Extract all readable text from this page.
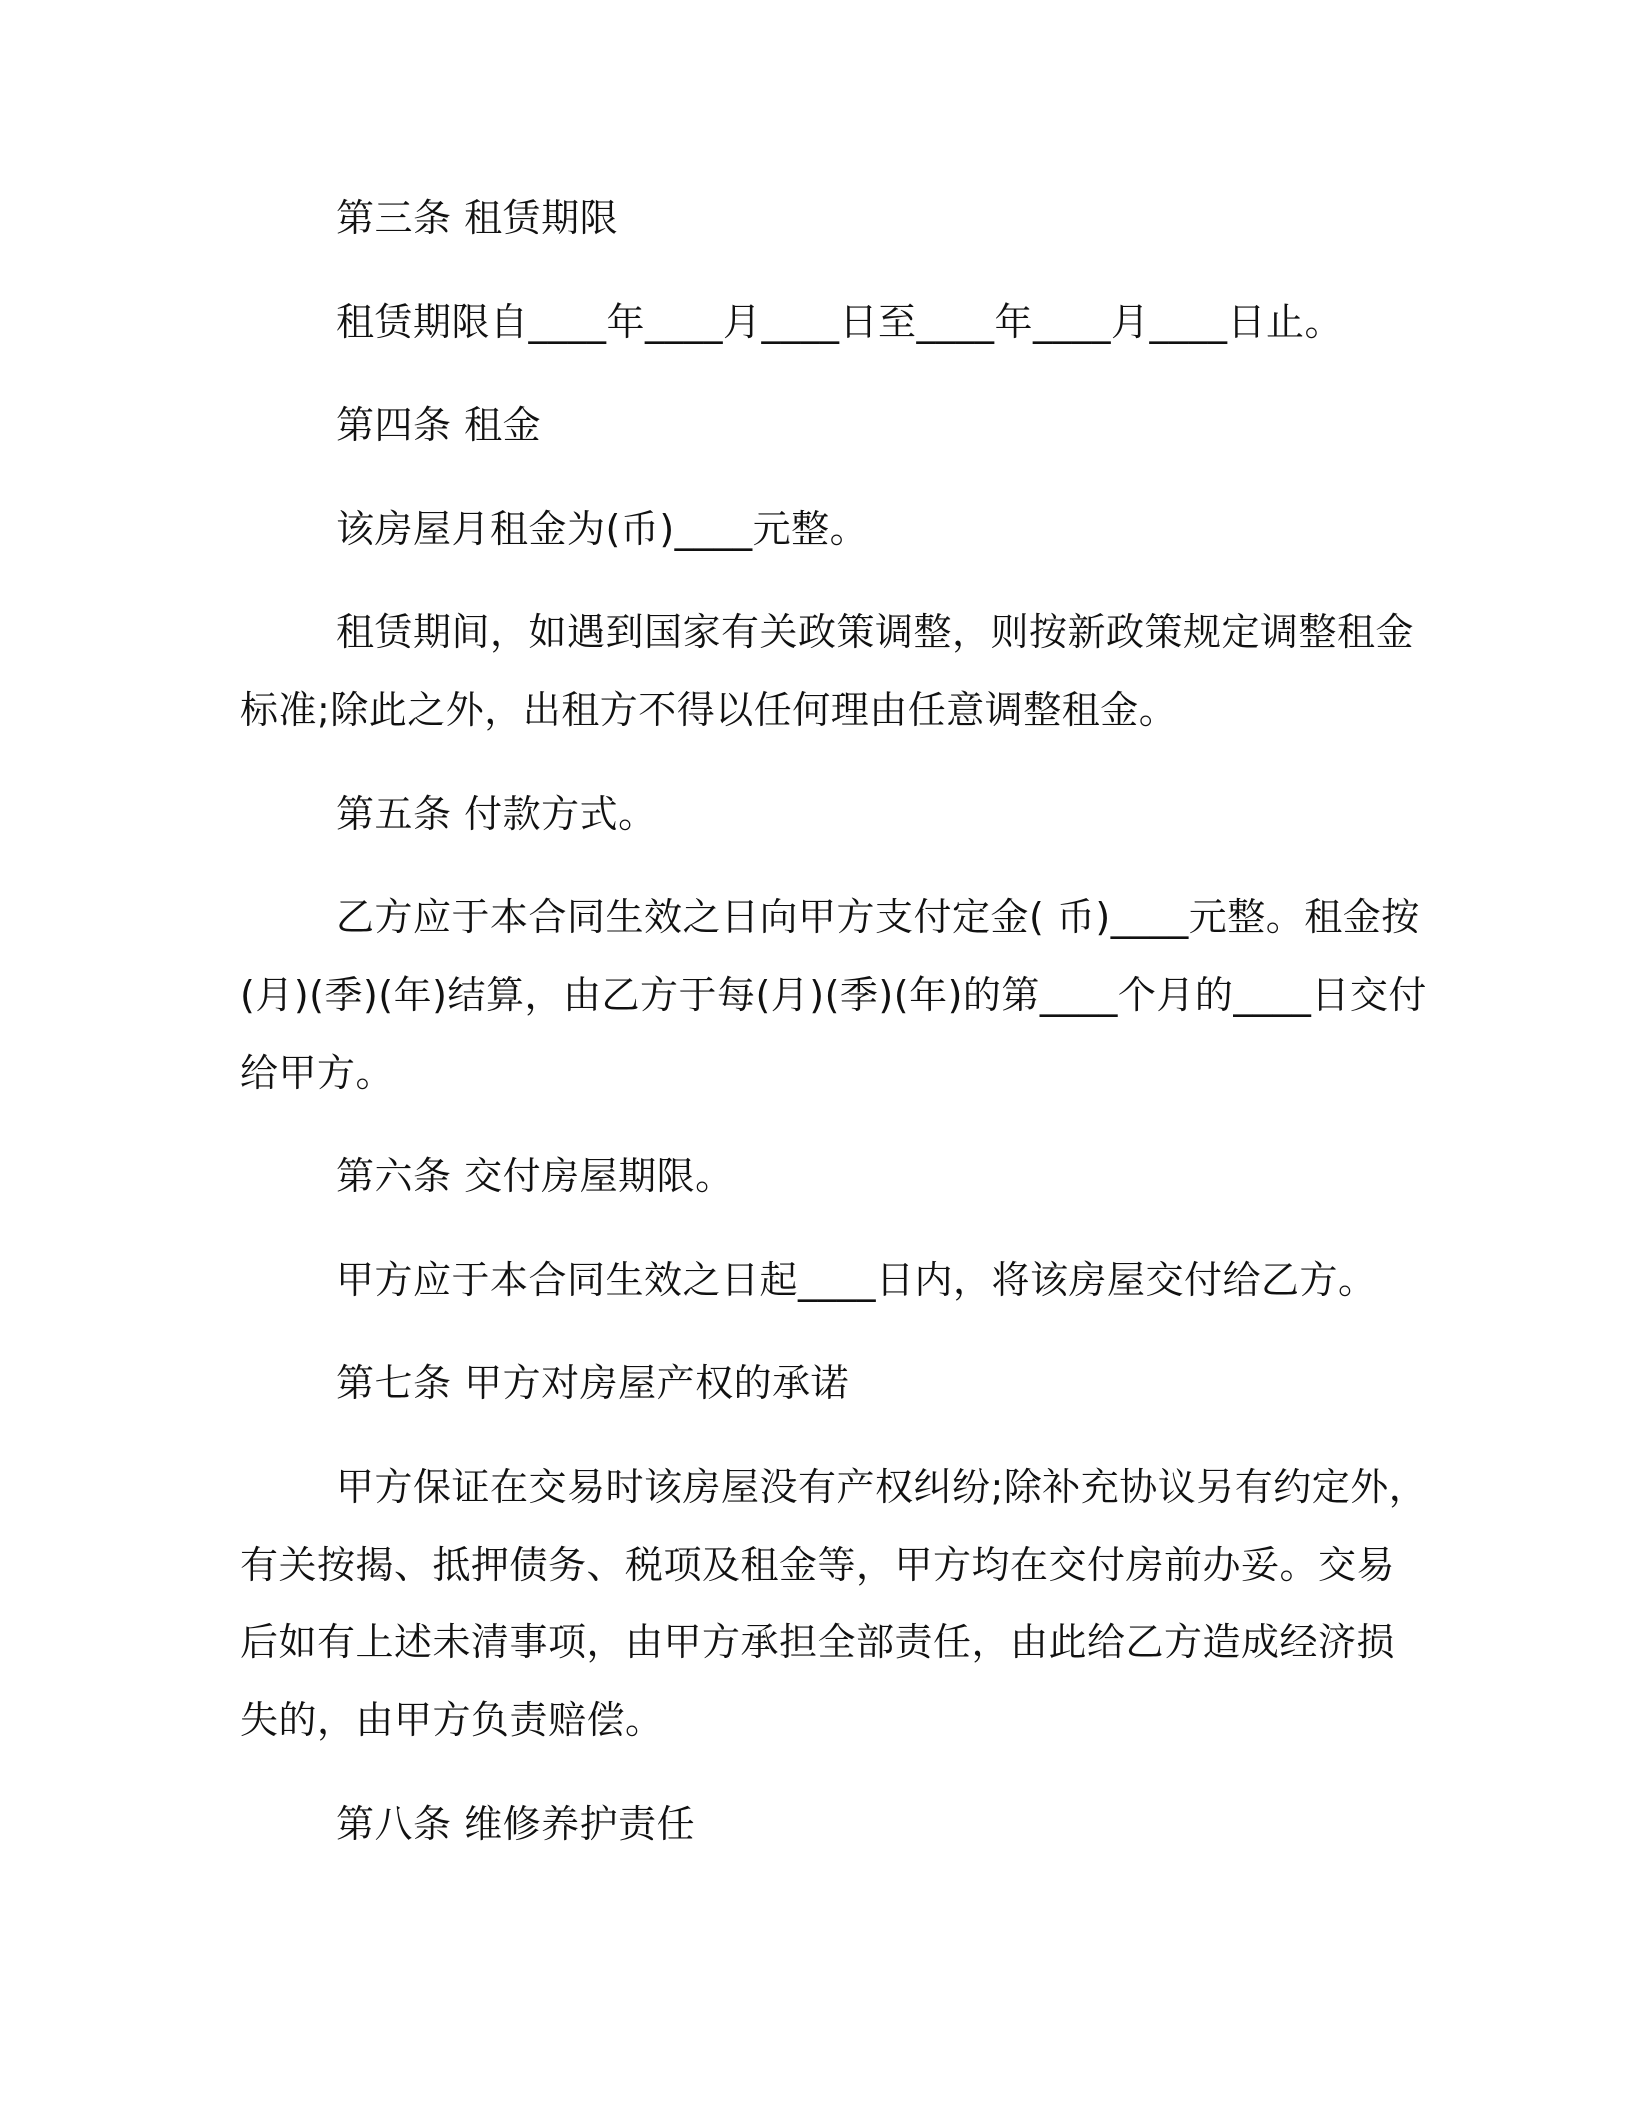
第三条 租赁期限
租赁期限自____年____月____日至____年____月____日止。
第四条 租金
该房屋月租金为(币)____元整。
租赁期间，如遇到国家有关政策调整，则按新政策规定调整租金
标准;除此之外，出租方不得以任何理由任意调整租金。
第五条 付款方式。
乙方应于本合同生效之日向甲方支付定金( 币)____元整。租金按
(月)(季)(年)结算，由乙方于每(月)(季)(年)的第____个月的____日交付
给甲方。
第六条 交付房屋期限。
甲方应于本合同生效之日起____日内，将该房屋交付给乙方。
第七条 甲方对房屋产权的承诺
甲方保证在交易时该房屋没有产权纠纷;除补充协议另有约定外，
有关按揭、抵押债务、税项及租金等，甲方均在交付房前办妥。交易
后如有上述未清事项，由甲方承担全部责任，由此给乙方造成经济损
失的，由甲方负责赔偿。
第八条 维修养护责任
